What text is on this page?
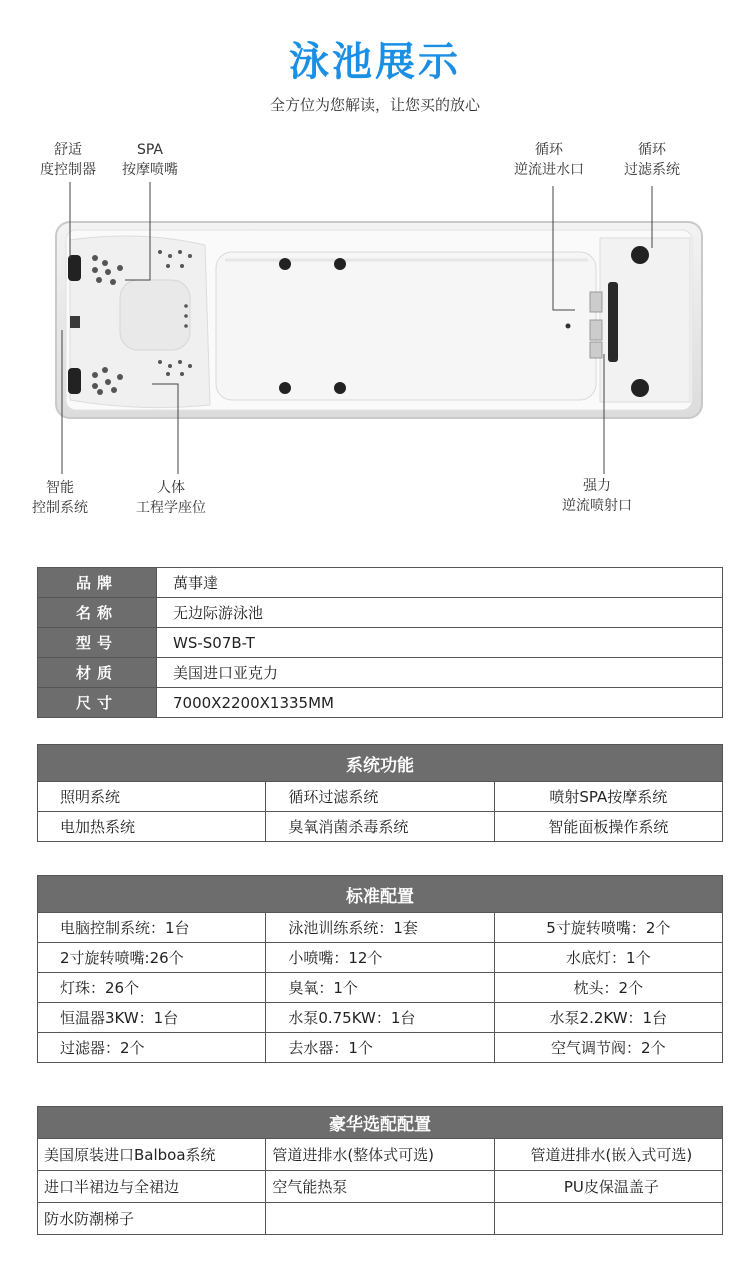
泳池展示
全方位为您解读，让您买的放心
舒适
度控制器
SPA
按摩喷嘴
循环
逆流进水口
循环
过滤系统
智能
控制系统
人体
工程学座位
强力
逆流喷射口
品牌	萬事達
名称	无边际游泳池
型号	WS-S07B-T
材质	美国进口亚克力
尺寸	7000X2200X1335MM
系统功能		
照明系统	循环过滤系统	喷射SPA按摩系统
电加热系统	臭氧消菌杀毒系统	智能面板操作系统
标准配置		
电脑控制系统：1台	泳池训练系统：1套	5寸旋转喷嘴：2个
2寸旋转喷嘴:26个	小喷嘴：12个	水底灯：1个
灯珠：26个	臭氧：1个	枕头：2个
恒温器3KW：1台	水泵0.75KW：1台	水泵2.2KW：1台
过滤器：2个	去水器：1个	空气调节阀：2个
豪华选配配置		
美国原装进口Balboa系统	管道进排水(整体式可选)	管道进排水(嵌入式可选)
进口半裙边与全裙边	空气能热泵	PU皮保温盖子
防水防潮梯子		
